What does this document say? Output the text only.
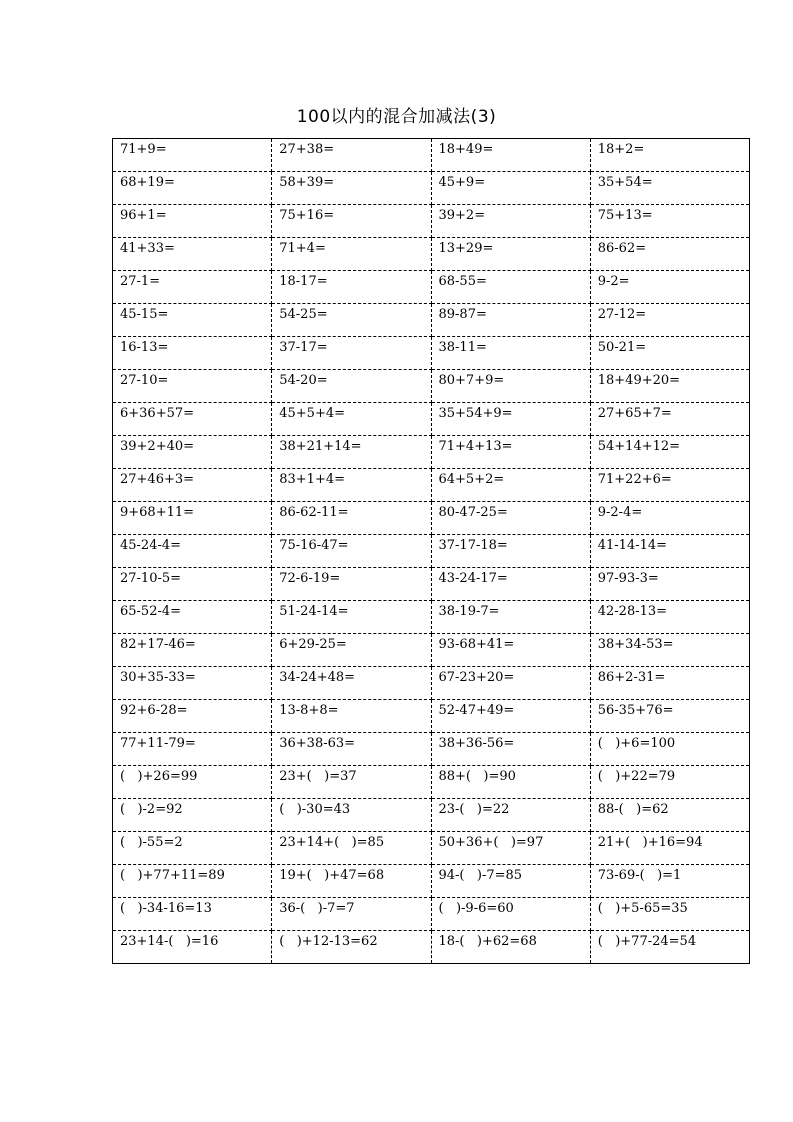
100以内的混合加减法(3)
71+9=	27+38=	18+49=	18+2=
68+19=	58+39=	45+9=	35+54=
96+1=	75+16=	39+2=	75+13=
41+33=	71+4=	13+29=	86-62=
27-1=	18-17=	68-55=	9-2=
45-15=	54-25=	89-87=	27-12=
16-13=	37-17=	38-11=	50-21=
27-10=	54-20=	80+7+9=	18+49+20=
6+36+57=	45+5+4=	35+54+9=	27+65+7=
39+2+40=	38+21+14=	71+4+13=	54+14+12=
27+46+3=	83+1+4=	64+5+2=	71+22+6=
9+68+11=	86-62-11=	80-47-25=	9-2-4=
45-24-4=	75-16-47=	37-17-18=	41-14-14=
27-10-5=	72-6-19=	43-24-17=	97-93-3=
65-52-4=	51-24-14=	38-19-7=	42-28-13=
82+17-46=	6+29-25=	93-68+41=	38+34-53=
30+35-33=	34-24+48=	67-23+20=	86+2-31=
92+6-28=	13-8+8=	52-47+49=	56-35+76=
77+11-79=	36+38-63=	38+36-56=	(   )+6=100
(   )+26=99	23+(   )=37	88+(   )=90	(   )+22=79
(   )-2=92	(   )-30=43	23-(   )=22	88-(   )=62
(   )-55=2	23+14+(   )=85	50+36+(   )=97	21+(   )+16=94
(   )+77+11=89	19+(   )+47=68	94-(   )-7=85	73-69-(   )=1
(   )-34-16=13	36-(   )-7=7	(   )-9-6=60	(   )+5-65=35
23+14-(   )=16	(   )+12-13=62	18-(   )+62=68	(   )+77-24=54
